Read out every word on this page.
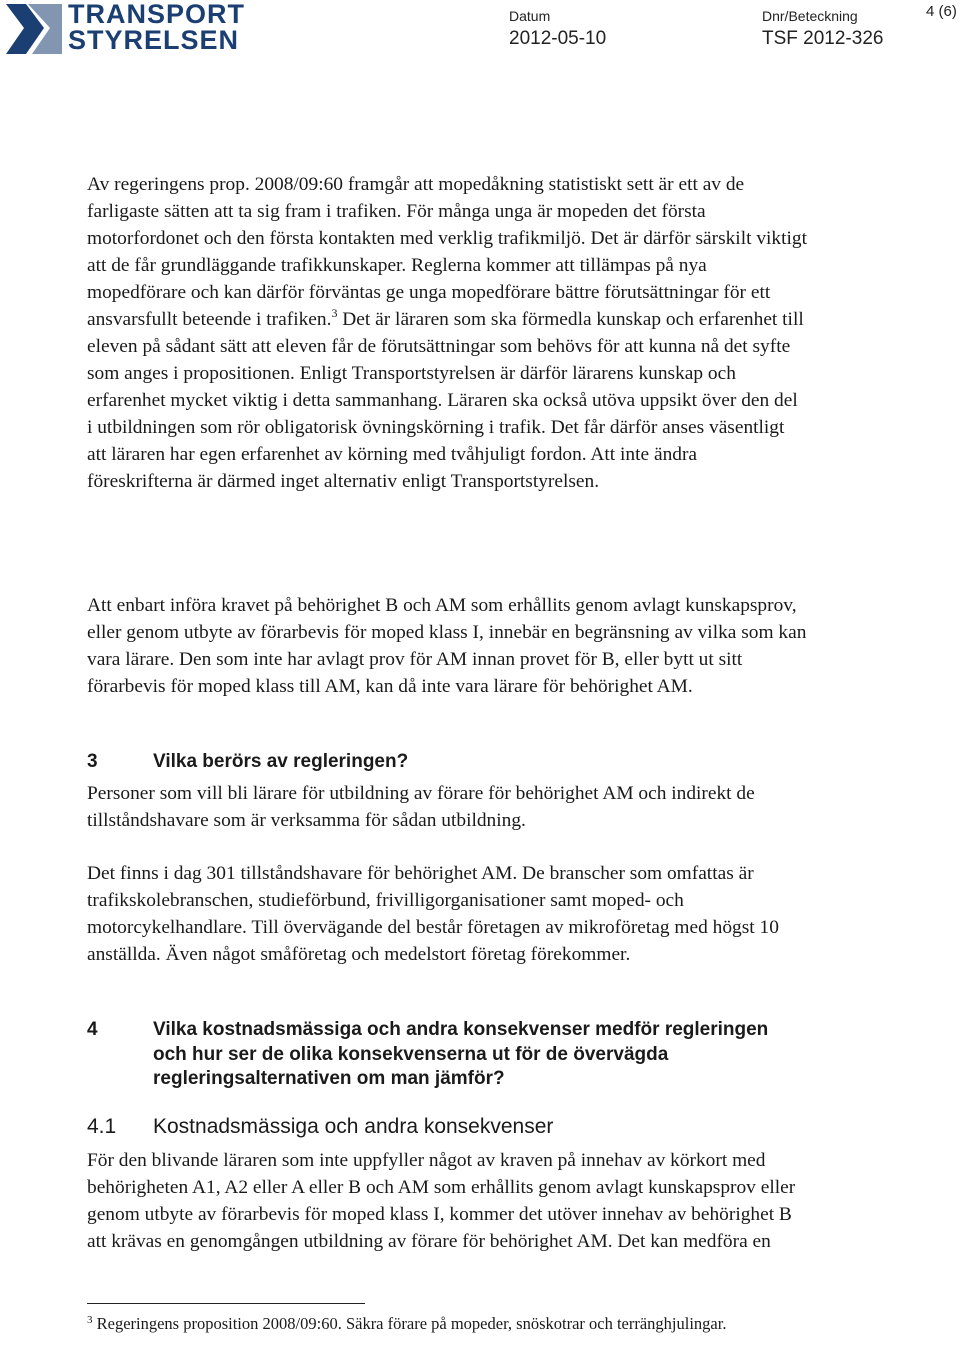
TRANSPORT
STYRELSEN
Datum
2012-05-10
Dnr/Beteckning
TSF 2012-326
4 (6)

Av regeringens prop. 2008/09:60 framgår att mopedåkning statistiskt sett är ett av de farligaste sätten att ta sig fram i trafiken. För många unga är mopeden det första motorfordonet och den första kontakten med verklig trafikmiljö. Det är därför särskilt viktigt att de får grundläggande trafikkunskaper. Reglerna kommer att tillämpas på nya mopedförare och kan därför förväntas ge unga mopedförare bättre förutsättningar för ett ansvarsfullt beteende i trafiken.$^3$ Det är läraren som ska förmedla kunskap och erfarenhet till eleven på sådant sätt att eleven får de förutsättningar som behövs för att kunna nå det syfte som anges i propositionen. Enligt Transportstyrelsen är därför lärarens kunskap och erfarenhet mycket viktig i detta sammanhang. Läraren ska också utöva uppsikt över den del i utbildningen som rör obligatorisk övningskörning i trafik. Det får därför anses väsentligt att läraren har egen erfarenhet av körning med tvåhjuligt fordon. Att inte ändra föreskrifterna är därmed inget alternativ enligt Transportstyrelsen.

Att enbart införa kravet på behörighet B och AM som erhållits genom avlagt kunskapsprov, eller genom utbyte av förarbevis för moped klass I, innebär en begränsning av vilka som kan vara lärare. Den som inte har avlagt prov för AM innan provet för B, eller bytt ut sitt förarbevis för moped klass till AM, kan då inte vara lärare för behörighet AM.

3	Vilka berörs av regleringen?

Personer som vill bli lärare för utbildning av förare för behörighet AM och indirekt de tillståndshavare som är verksamma för sådan utbildning.

Det finns i dag 301 tillståndshavare för behörighet AM. De branscher som omfattas är trafikskolebranschen, studieförbund, frivilligorganisationer samt moped- och motorcykelhandlare. Till övervägande del består företagen av mikroföretag med högst 10 anställda. Även något småföretag och medelstort företag förekommer.

4	Vilka kostnadsmässiga och andra konsekvenser medför regleringen och hur ser de olika konsekvenserna ut för de övervägda regleringsalternativen om man jämför?
4.1 Kostnadsmässiga och andra konsekvenser

För den blivande läraren som inte uppfyller något av kraven på innehav av körkort med behörigheten A1, A2 eller A eller B och AM som erhållits genom avlagt kunskapsprov eller genom utbyte av förarbevis för moped klass I, kommer det utöver innehav av behörighet B att krävas en genomgången utbildning av förare för behörighet AM. Det kan medföra en

$^3$ Regeringens proposition 2008/09:60. Säkra förare på mopeder, snöskotrar och terränghjulingar.
